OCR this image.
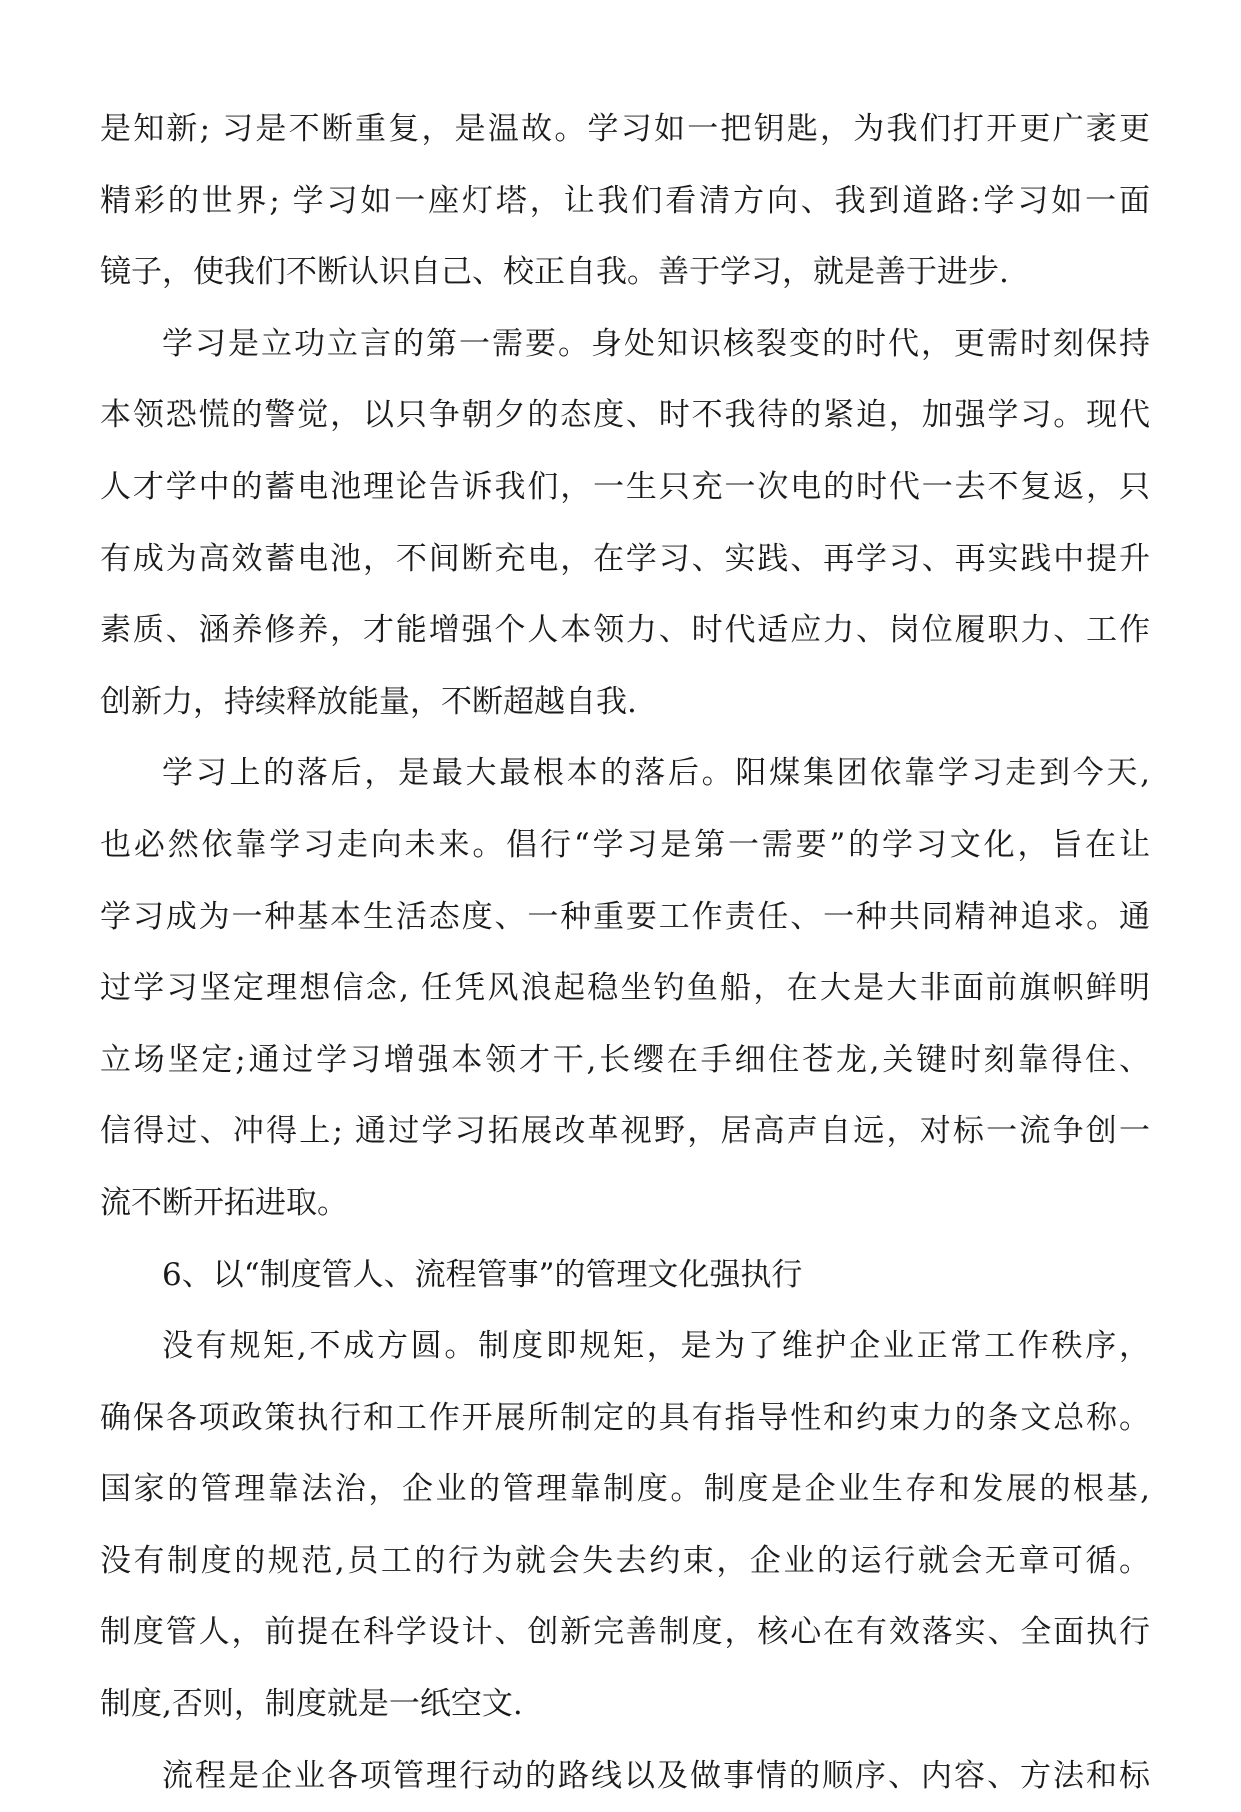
是知新; 习是不断重复，是温故。学习如一把钥匙，为我们打开更广袤更
精彩的世界; 学习如一座灯塔，让我们看清方向、我到道路:学习如一面
镜子，使我们不断认识自己、校正自我。善于学习，就是善于进步.
学习是立功立言的第一需要。身处知识核裂变的时代，更需时刻保持
本领恐慌的警觉，以只争朝夕的态度、时不我待的紧迫，加强学习。现代
人才学中的蓄电池理论告诉我们，一生只充一次电的时代一去不复返，只
有成为高效蓄电池，不间断充电，在学习、实践、再学习、再实践中提升
素质、涵养修养，才能增强个人本领力、时代适应力、岗位履职力、工作
创新力，持续释放能量，不断超越自我.
学习上的落后，是最大最根本的落后。阳煤集团依靠学习走到今天,
也必然依靠学习走向未来。倡行“学习是第一需要”的学习文化，旨在让
学习成为一种基本生活态度、一种重要工作责任、一种共同精神追求。通
过学习坚定理想信念, 任凭风浪起稳坐钓鱼船，在大是大非面前旗帜鲜明
立场坚定;通过学习增强本领才干,长缨在手细住苍龙,关键时刻靠得住、
信得过、冲得上; 通过学习拓展改革视野，居高声自远，对标一流争创一
流不断开拓进取。
6、以“制度管人、流程管事”的管理文化强执行
没有规矩,不成方圆。制度即规矩，是为了维护企业正常工作秩序，
确保各项政策执行和工作开展所制定的具有指导性和约束力的条文总称。
国家的管理靠法治，企业的管理靠制度。制度是企业生存和发展的根基,
没有制度的规范,员工的行为就会失去约束，企业的运行就会无章可循。
制度管人，前提在科学设计、创新完善制度，核心在有效落实、全面执行
制度,否则，制度就是一纸空文.
流程是企业各项管理行动的路线以及做事情的顺序、内容、方法和标
